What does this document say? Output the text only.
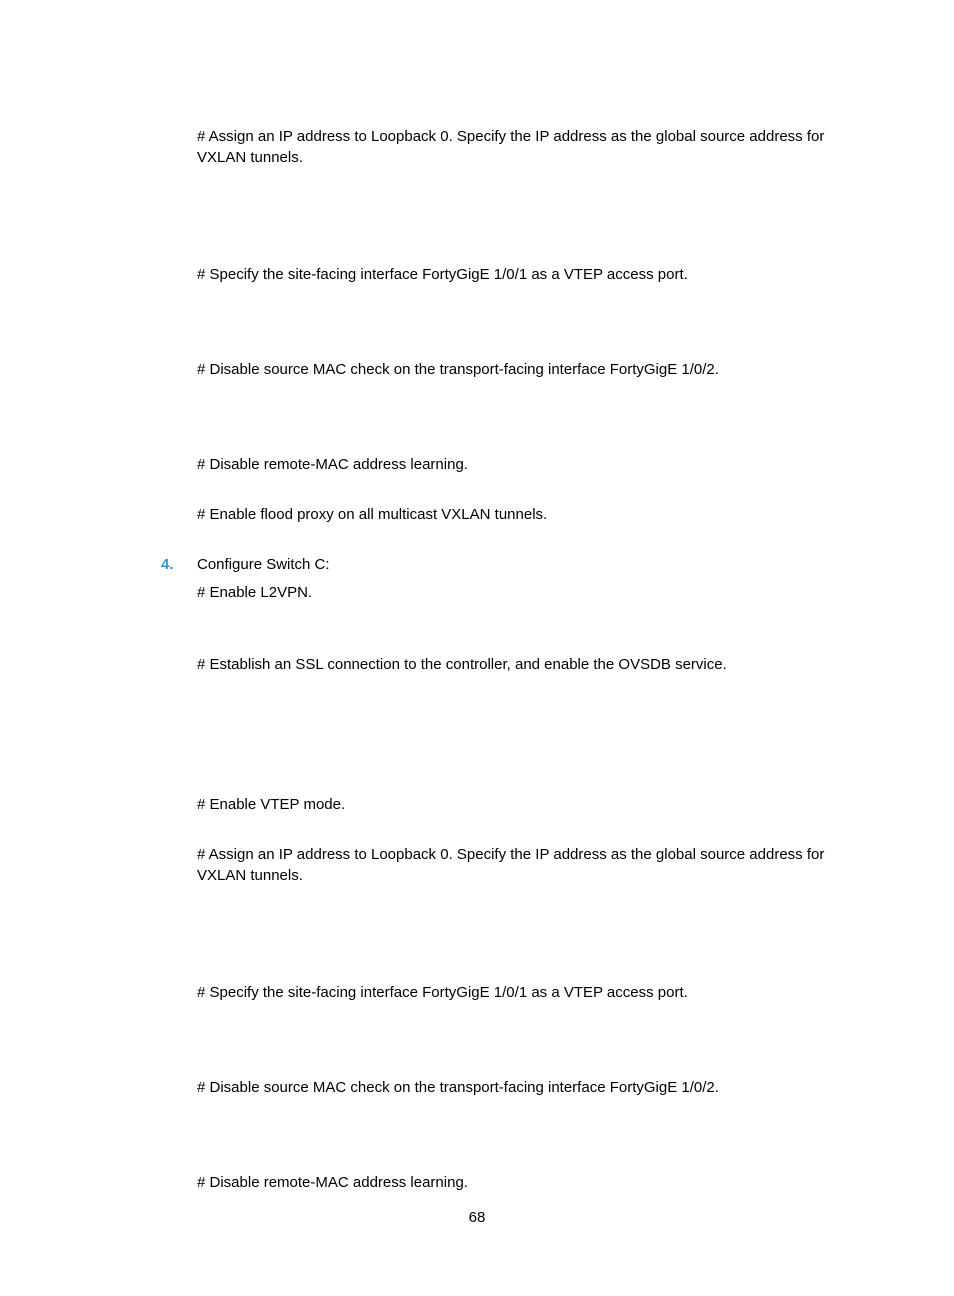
# Assign an IP address to Loopback 0. Specify the IP address as the global source address for VXLAN tunnels.

# Specify the site-facing interface FortyGigE 1/0/1 as a VTEP access port.

# Disable source MAC check on the transport-facing interface FortyGigE 1/0/2.

# Disable remote-MAC address learning.

# Enable flood proxy on all multicast VXLAN tunnels.

4. Configure Switch C:

# Enable L2VPN.

# Establish an SSL connection to the controller, and enable the OVSDB service.

# Enable VTEP mode.

# Assign an IP address to Loopback 0. Specify the IP address as the global source address for VXLAN tunnels.

# Specify the site-facing interface FortyGigE 1/0/1 as a VTEP access port.

# Disable source MAC check on the transport-facing interface FortyGigE 1/0/2.

# Disable remote-MAC address learning.

68
